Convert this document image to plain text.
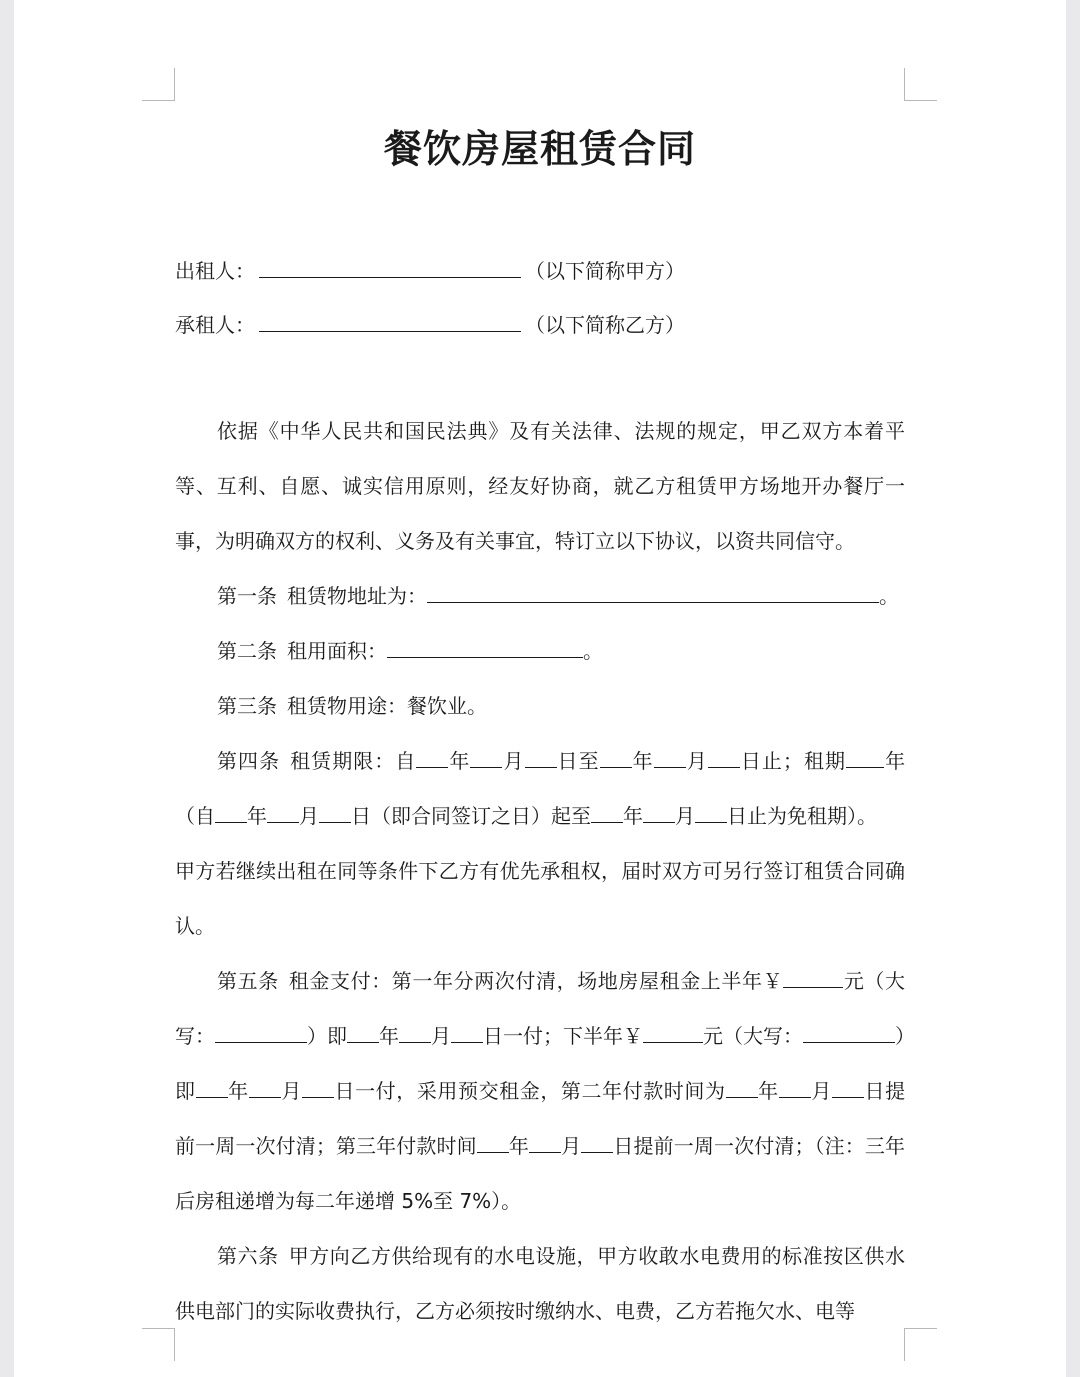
餐饮房屋租赁合同
出租人：	（以下简称甲方）
承租人：	（以下简称乙方）

依据《中华人民共和国民法典》及有关法律、法规的规定，甲乙双方本着平等、互利、自愿、诚实信用原则，经友好协商，就乙方租赁甲方场地开办餐厅一事，为明确双方的权利、义务及有关事宜，特订立以下协议，以资共同信守。

第一条 租赁物地址为：	。

第二条 租用面积：	。

第三条 租赁物用途：餐饮业。

第四条 租赁期限：自 年 月 日至 年 月 日止；租期 年（自 年 月 日（即合同签订之日）起至 年 月 日止为免租期）。

甲方若继续出租在同等条件下乙方有优先承租权，届时双方可另行签订租赁合同确认。

第五条 租金支付：第一年分两次付清，场地房屋租金上半年￥	元（大写：	）即 年 月 日一付；下半年￥	元（大写：	）即 年 月 日一付，采用预交租金，第二年付款时间为 年 月 日提前一周一次付清；第三年付款时间 年 月 日提前一周一次付清；（注：三年后房租递增为每二年递增 5%至 7%）。

第六条 甲方向乙方供给现有的水电设施，甲方收敢水电费用的标准按区供水供电部门的实际收费执行，乙方必须按时缴纳水、电费，乙方若拖欠水、电等
